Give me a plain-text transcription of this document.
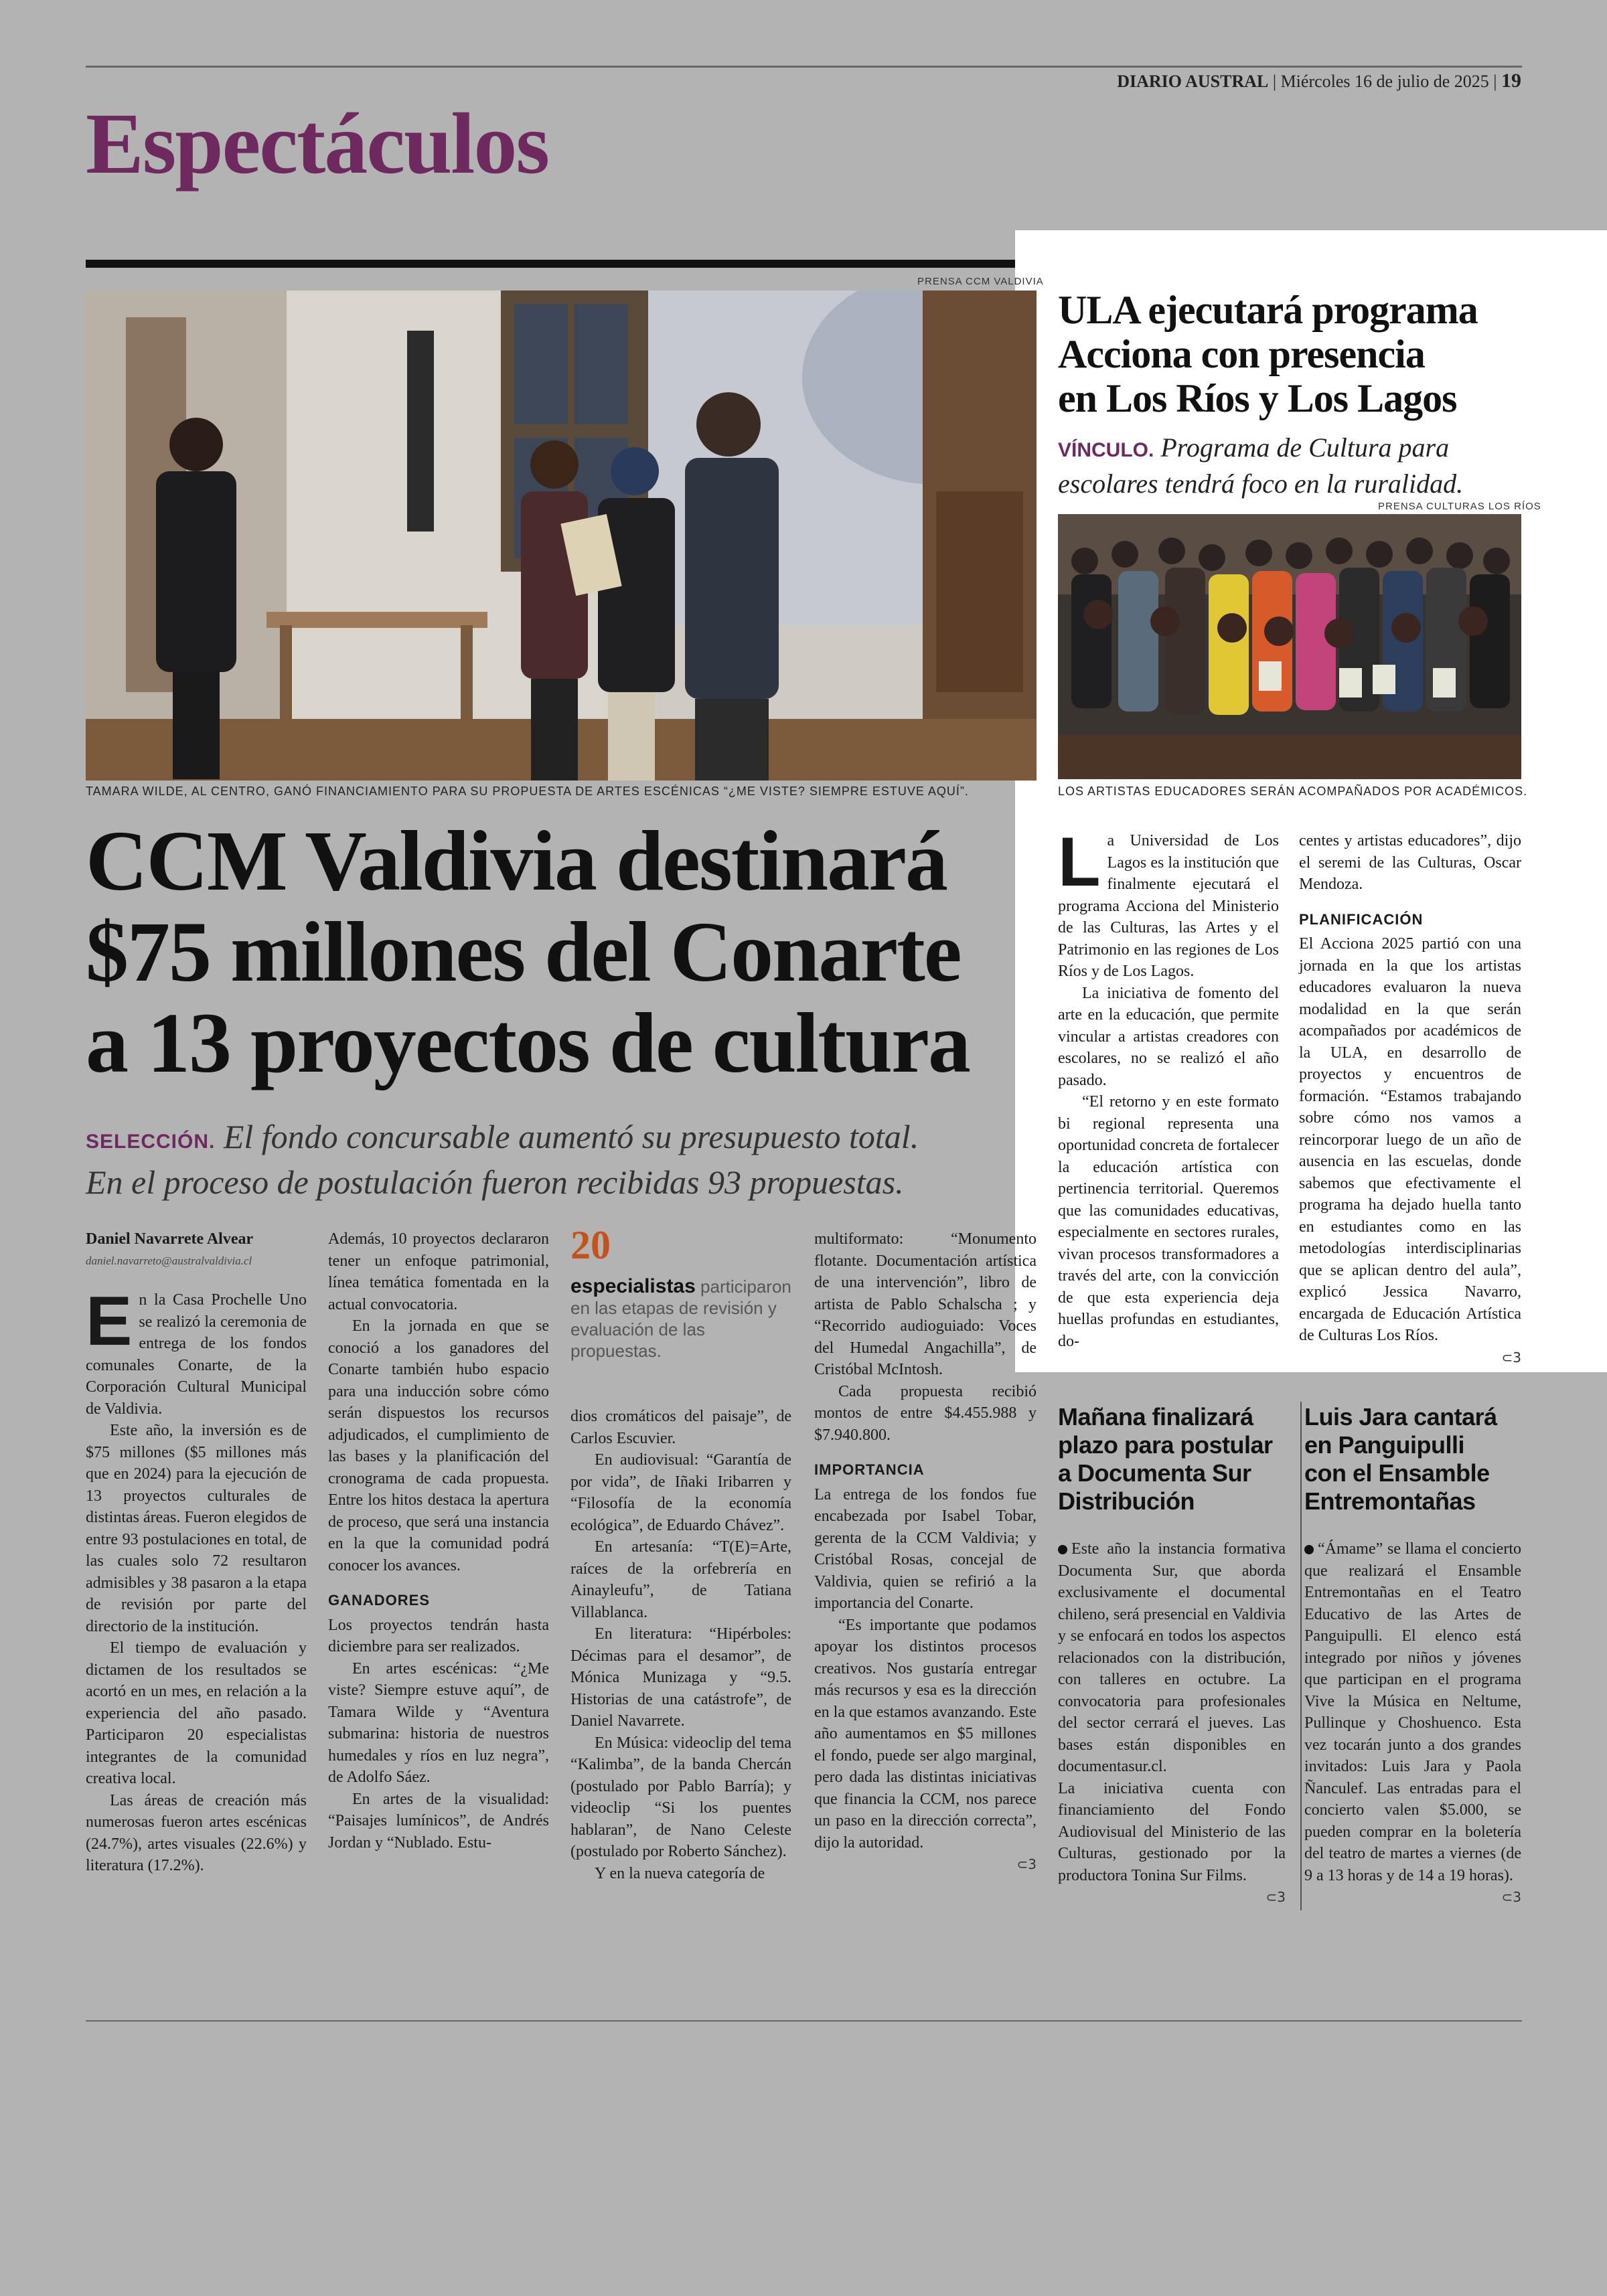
DIARIO AUSTRAL | Miércoles 16 de julio de 2025 | 19
Espectáculos
PRENSA CCM VALDIVIA
TAMARA WILDE, AL CENTRO, GANÓ FINANCIAMIENTO PARA SU PROPUESTA DE ARTES ESCÉNICAS “¿ME VISTE? SIEMPRE ESTUVE AQUÍ”.
CCM Valdivia destinará
$75 millones del Conarte
a 13 proyectos de cultura
SELECCIÓN. El fondo concursable aumentó su presupuesto total.
En el proceso de postulación fueron recibidas 93 propuestas.
Daniel Navarrete Alvear
daniel.navarreto@australvaldivia.cl

En la Casa Prochelle Uno se realizó la ceremonia de entrega de los fondos comunales Conarte, de la Corporación Cultural Municipal de Valdivia.

Este año, la inversión es de $75 millones ($5 millones más que en 2024) para la ejecución de 13 proyectos culturales de distintas áreas. Fueron elegidos de entre 93 postulaciones en total, de las cuales solo 72 resultaron admisibles y 38 pasaron a la etapa de revisión por parte del directorio de la institución.

El tiempo de evaluación y dictamen de los resultados se acortó en un mes, en relación a la experiencia del año pasado. Participaron 20 especialistas integrantes de la comunidad creativa local.

Las áreas de creación más numerosas fueron artes escénicas (24.7%), artes visuales (22.6%) y literatura (17.2%).

Además, 10 proyectos declararon tener un enfoque patrimonial, línea temática fomentada en la actual convocatoria.

En la jornada en que se conoció a los ganadores del Conarte también hubo espacio para una inducción sobre cómo serán dispuestos los recursos adjudicados, el cumplimiento de las bases y la planificación del cronograma de cada propuesta. Entre los hitos destaca la apertura de proceso, que será una instancia en la que la comunidad podrá conocer los avances.

GANADORES

Los proyectos tendrán hasta diciembre para ser realizados.

En artes escénicas: “¿Me viste? Siempre estuve aquí”, de Tamara Wilde y “Aventura submarina: historia de nuestros humedales y ríos en luz negra”, de Adolfo Sáez.

En artes de la visualidad: “Paisajes lumínicos”, de Andrés Jordan y “Nublado. Estu-

20
especialistas participaron en las etapas de revisión y evaluación de las propuestas.

dios cromáticos del paisaje”, de Carlos Escuvier.

En audiovisual: “Garantía de por vida”, de Iñaki Iribarren y “Filosofía de la economía ecológica”, de Eduardo Chávez”.

En artesanía: “T(E)=Arte, raíces de la orfebrería en Ainayleufu”, de Tatiana Villablanca.

En literatura: “Hipérboles: Décimas para el desamor”, de Mónica Munizaga y “9.5. Historias de una catástrofe”, de Daniel Navarrete.

En Música: videoclip del tema “Kalimba”, de la banda Chercán (postulado por Pablo Barría); y videoclip “Si los puentes hablaran”, de Nano Celeste (postulado por Roberto Sánchez).

Y en la nueva categoría de

multiformato: “Monumento flotante. Documentación artística de una intervención”, libro de artista de Pablo Schalscha ; y “Recorrido audioguiado: Voces del Humedal Angachilla”, de Cristóbal McIntosh.

Cada propuesta recibió montos de entre $4.455.988 y $7.940.800.

IMPORTANCIA

La entrega de los fondos fue encabezada por Isabel Tobar, gerenta de la CCM Valdivia; y Cristóbal Rosas, concejal de Valdivia, quien se refirió a la importancia del Conarte.

“Es importante que podamos apoyar los distintos procesos creativos. Nos gustaría entregar más recursos y esa es la dirección en la que estamos avanzando. Este año aumentamos en $5 millones el fondo, puede ser algo marginal, pero dada las distintas iniciativas que financia la CCM, nos parece un paso en la dirección correcta”, dijo la autoridad.

⊂3
ULA ejecutará programa
Acciona con presencia
en Los Ríos y Los Lagos
VÍNCULO. Programa de Cultura para
escolares tendrá foco en la ruralidad.
PRENSA CULTURAS LOS RÍOS
LOS ARTISTAS EDUCADORES SERÁN ACOMPAÑADOS POR ACADÉMICOS.

La Universidad de Los Lagos es la institución que finalmente ejecutará el programa Acciona del Ministerio de las Culturas, las Artes y el Patrimonio en las regiones de Los Ríos y de Los Lagos.

La iniciativa de fomento del arte en la educación, que permite vincular a artistas creadores con escolares, no se realizó el año pasado.

“El retorno y en este formato bi regional representa una oportunidad concreta de fortalecer la educación artística con pertinencia territorial. Queremos que las comunidades educativas, especialmente en sectores rurales, vivan procesos transformadores a través del arte, con la convicción de que esta experiencia deja huellas profundas en estudiantes, do-

centes y artistas educadores”, dijo el seremi de las Culturas, Oscar Mendoza.

PLANIFICACIÓN

El Acciona 2025 partió con una jornada en la que los artistas educadores evaluaron la nueva modalidad en la que serán acompañados por académicos de la ULA, en desarrollo de proyectos y encuentros de formación. “Estamos trabajando sobre cómo nos vamos a reincorporar luego de un año de ausencia en las escuelas, donde sabemos que efectivamente el programa ha dejado huella tanto en estudiantes como en las metodologías interdisciplinarias que se aplican dentro del aula”, explicó Jessica Navarro, encargada de Educación Artística de Culturas Los Ríos.

⊂3
Mañana finalizará
plazo para postular
a Documenta Sur
Distribución

Este año la instancia formativa Documenta Sur, que aborda exclusivamente el documental chileno, será presencial en Valdivia y se enfocará en todos los aspectos relacionados con la distribución, con talleres en octubre. La convocatoria para profesionales del sector cerrará el jueves. Las bases están disponibles en documentasur.cl.

La iniciativa cuenta con financiamiento del Fondo Audiovisual del Ministerio de las Culturas, gestionado por la productora Tonina Sur Films.

⊂3
Luis Jara cantará
en Panguipulli
con el Ensamble
Entremontañas

“Ámame” se llama el concierto que realizará el Ensamble Entremontañas en el Teatro Educativo de las Artes de Panguipulli. El elenco está integrado por niños y jóvenes que participan en el programa Vive la Música en Neltume, Pullinque y Choshuenco. Esta vez tocarán junto a dos grandes invitados: Luis Jara y Paola Ñanculef. Las entradas para el concierto valen $5.000, se pueden comprar en la boletería del teatro de martes a viernes (de 9 a 13 horas y de 14 a 19 horas).

⊂3
